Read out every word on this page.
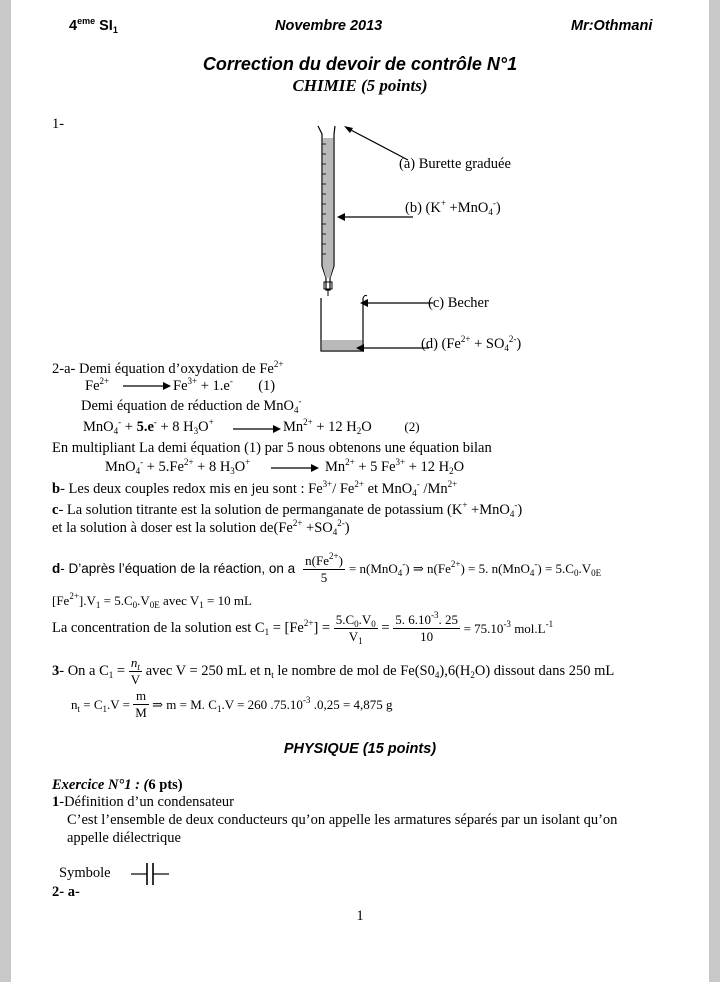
4eme $SI_1$	Novembre 2013	Mr:Othmani
Correction du devoir de contrôle N°1
CHIMIE (5 points)
1-
(a) Burette graduée
(b) (K+ +MnO$_4$-)
(c) Becher
(d) $(Fe^{2+} + SO_4^{2-})$
2-a- Demi équation d’oxydation de $Fe^{2+}$
$Fe^{2+}$	$Fe^{3+} + 1.e^-$ (1)
Demi équation de réduction de MnO$_4$-
MnO$_4$- + 5.e- + 8 $H_3O^+$	$Mn^{2+} + 12$ $H_2O$         (2)
En multipliant La demi équation (1) par 5 nous obtenons une équation bilan
$MnO_4^- + 5.Fe^{2+} + 8$ $H_3O^+$	$Mn^{2+} + 5$ $Fe^{3+} + 12$ $H_2O$
b- Les deux couples redox mis en jeu sont : $Fe^{3+}/$ $Fe^{2+}$ et MnO$_4$- $/Mn^{2+}$
c- La solution titrante est la solution de permanganate de potassium (K+ +MnO$_4$-)
et la solution à doser est la solution $de(Fe^{2+} +SO_4^{2-})$
d- D’après l’équation de la réaction, on a $\frac{n(Fe^{2+})}{5} = n(MnO_4^-)$ ⇒ $n(Fe^{2+}) = 5$. $n(MnO_4^-) = 5.C_0.V_{0E}$
$[Fe^{2+}].V_1 = 5.C_0.V_{0E}$ avec $V_1 = 10$ mL
La concentration de la solution est $C_1 = [Fe^{2+}] = \frac{5.C_0.V_0}{V_1} = \frac{5. 6.10^{-3}. 25}{10} = 75.10^{-3}$ $mol.L^{-1}$
3- On a $C_1 = \frac{n_t}{V}$ avec V = 250 mL et $n_t$ le nombre de mol de $Fe(S0_4),6(H_2O)$ dissout dans 250 mL
$n_t = C_1.V = \frac{m}{M}$ ⇒ m = M. $C_1.V = 260$ $.75.10^{-3}$ .0,25 = 4,875 g
PHYSIQUE (15 points)
Exercice N°1 : (6 pts)
1-Définition d’un condensateur
C’est l’ensemble de deux conducteurs qu’on appelle les armatures séparés par un isolant qu’on
appelle diélectrique
Symbole
2- a-
1
